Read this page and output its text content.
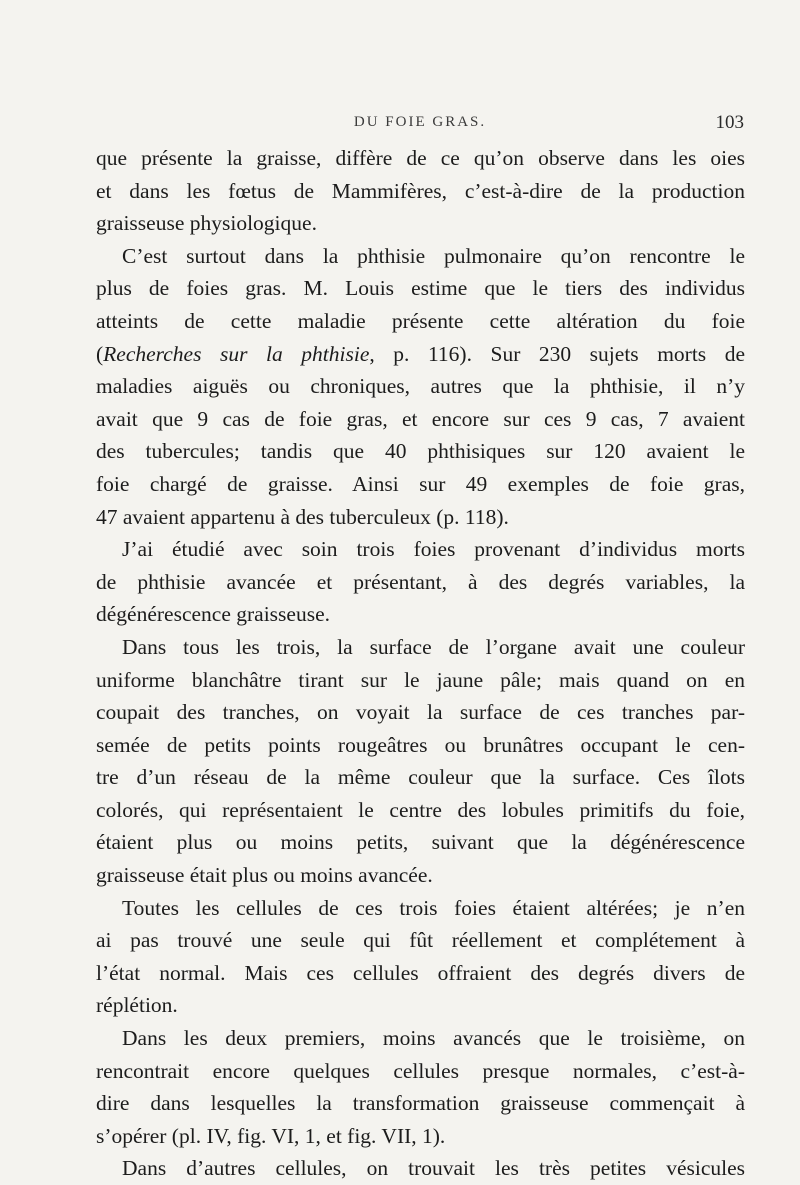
DU FOIE GRAS.	103
que présente la graisse, diffère de ce qu’on observe dans les oies
et dans les fœtus de Mammifères, c’est-à-dire de la production
graisseuse physiologique.
C’est surtout dans la phthisie pulmonaire qu’on rencontre le
plus de foies gras. M. Louis estime que le tiers des individus
atteints de cette maladie présente cette altération du foie
(Recherches sur la phthisie, p. 116). Sur 230 sujets morts de
maladies aiguës ou chroniques, autres que la phthisie, il n’y
avait que 9 cas de foie gras, et encore sur ces 9 cas, 7 avaient
des tubercules; tandis que 40 phthisiques sur 120 avaient le
foie chargé de graisse. Ainsi sur 49 exemples de foie gras,
47 avaient appartenu à des tuberculeux (p. 118).
J’ai étudié avec soin trois foies provenant d’individus morts
de phthisie avancée et présentant, à des degrés variables, la
dégénérescence graisseuse.
Dans tous les trois, la surface de l’organe avait une couleur
uniforme blanchâtre tirant sur le jaune pâle; mais quand on en
coupait des tranches, on voyait la surface de ces tranches par-
semée de petits points rougeâtres ou brunâtres occupant le cen-
tre d’un réseau de la même couleur que la surface. Ces îlots
colorés, qui représentaient le centre des lobules primitifs du foie,
étaient plus ou moins petits, suivant que la dégénérescence
graisseuse était plus ou moins avancée.
Toutes les cellules de ces trois foies étaient altérées; je n’en
ai pas trouvé une seule qui fût réellement et complétement à
l’état normal. Mais ces cellules offraient des degrés divers de
réplétion.
Dans les deux premiers, moins avancés que le troisième, on
rencontrait encore quelques cellules presque normales, c’est-à-
dire dans lesquelles la transformation graisseuse commençait à
s’opérer (pl. IV, fig. VI, 1, et fig. VII, 1).
Dans d’autres cellules, on trouvait les très petites vésicules
